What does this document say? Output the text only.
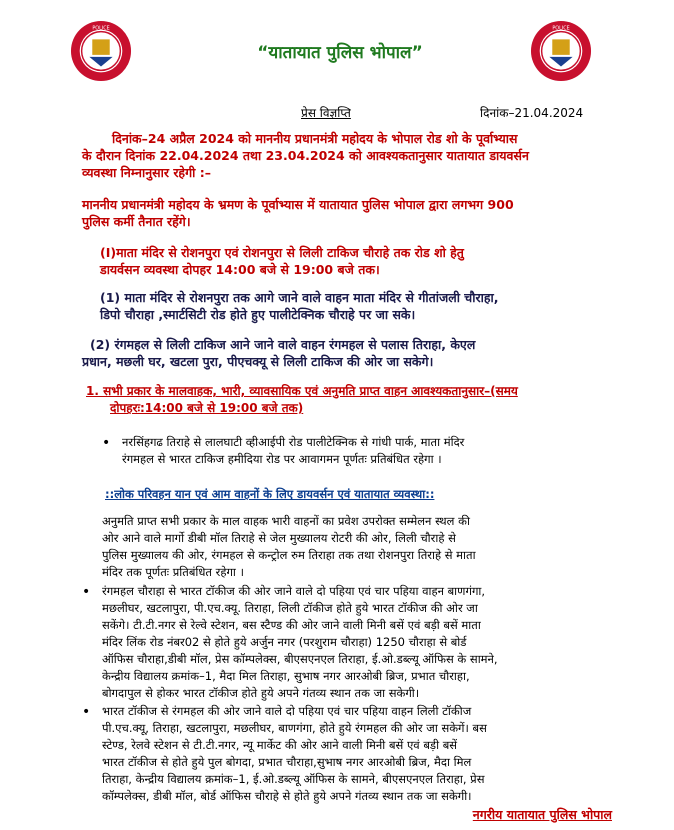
POLICE	POLICE
“यातायात पुलिस भोपाल”
प्रेस विज्ञप्ति	दिनांक–21.04.2024
दिनांक–24 अप्रैल 2024 को माननीय प्रधानमंत्री महोदय के भोपाल रोड शो के पूर्वाभ्यास
के दौरान दिनांक 22.04.2024 तथा 23.04.2024 को आवश्यकतानुसार यातायात डायवर्सन
व्यवस्था निम्नानुसार रहेगी :–
माननीय प्रधानमंत्री महोदय के भ्रमण के पूर्वाभ्यास में यातायात पुलिस भोपाल द्वारा लगभग 900
पुलिस कर्मी तैनात रहेंगे।
(I)माता मंदिर से रोशनपुरा एवं रोशनपुरा से लिली टाकिज चौराहे तक रोड शो हेतु
डायर्वसन व्यवस्था दोपहर 14:00 बजे से 19:00 बजे तक।
(1) माता मंदिर से रोशनपुरा तक आगे जाने वाले वाहन माता मंदिर से गीतांजली चौराहा,
डिपो चौराहा ,स्मार्टसिटी रोड होते हुए पालीटेक्निक चौराहे पर जा सके।
(2) रंगमहल से लिली टाकिज आने जाने वाले वाहन रंगमहल से पलास तिराहा, केएल
प्रधान, मछली घर, खटला पुरा, पीएचक्यू से लिली टाकिज की ओर जा सकेगे।
1. सभी प्रकार के मालवाहक, भारी, व्यावसायिक एवं अनुमति प्राप्त वाहन आवश्यकतानुसार–(समय
दोपहरः:14:00 बजे से 19:00 बजे तक)
• नरसिंहगढ तिराहे से लालघाटी व्हीआईपी रोड पालीटेक्निक से गांधी पार्क, माता मंदिर
रंगमहल से भारत टाकिज हमीदिया रोड पर आवागमन पूर्णतः प्रतिबंधित रहेगा ।
::लोक परिवहन यान एवं आम वाहनों के लिए डायवर्सन एवं यातायात व्यवस्था::
अनुमति प्राप्त सभी प्रकार के माल वाहक भारी वाहनों का प्रवेश उपरोक्त सम्मेलन स्थल की
ओर आने वाले मार्गो डीबी मॉल तिराहे से जेल मुख्यालय रोटरी की ओर, लिली चौराहे से
पुलिस मुख्यालय की ओर, रंगमहल से कन्ट्रोल रुम तिराहा तक तथा रोशनपुरा तिराहे से माता
मंदिर तक पूर्णतः प्रतिबंधित रहेगा ।
• रंगमहल चौराहा से भारत टॉकीज की ओर जाने वाले दो पहिया एवं चार पहिया वाहन बाणगंगा,
मछलीघर, खटलापुरा, पी.एच.क्यू. तिराहा, लिली टॉकीज होते हुये भारत टॉकीज की ओर जा
सकेंगे। टी.टी.नगर से रेल्वे स्टेशन, बस स्टैण्ड की ओर जाने वाली मिनी बसें एवं बड़ी बसें माता
मंदिर लिंक रोड नंबर02 से होते हुये अर्जुन नगर (परशुराम चौराहा) 1250 चौराहा से बोर्ड
ऑफिस चौराहा,डीबी मॉल, प्रेस कॉम्पलेक्स, बीएसएनएल तिराहा, ई.ओ.डब्ल्यू ऑफिस के सामने,
केन्द्रीय विद्यालय क्रमांक–1, मैदा मिल तिराहा, सुभाष नगर आरओबी ब्रिज, प्रभात चौराहा,
बोगदापुल से होकर भारत टॉकीज होते हुये अपने गंतव्य स्थान तक जा सकेगी।
• भारत टॉकीज से रंगमहल की ओर जाने वाले दो पहिया एवं चार पहिया वाहन लिली टॉकीज
पी.एच.क्यू, तिराहा, खटलापुरा, मछलीघर, बाणगंगा, होते हुये रंगमहल की ओर जा सकेगें। बस
स्टेण्ड, रेलवे स्टेशन से टी.टी.नगर, न्यू मार्केट की ओर आने वाली मिनी बसें एवं बड़ी बसें
भारत टॉकीज से होते हुये पुल बोगदा, प्रभात चौराहा,सुभाष नगर आरओबी ब्रिज, मैदा मिल
तिराहा, केन्द्रीय विद्यालय क्रमांक–1, ई.ओ.डब्ल्यू ऑफिस के सामने, बीएसएनएल तिराहा, प्रेस
कॉम्पलेक्स, डीबी मॉल, बोर्ड ऑफिस चौराहे से होते हुये अपने गंतव्य स्थान तक जा सकेगी।
नगरीय यातायात पुलिस भोपाल
